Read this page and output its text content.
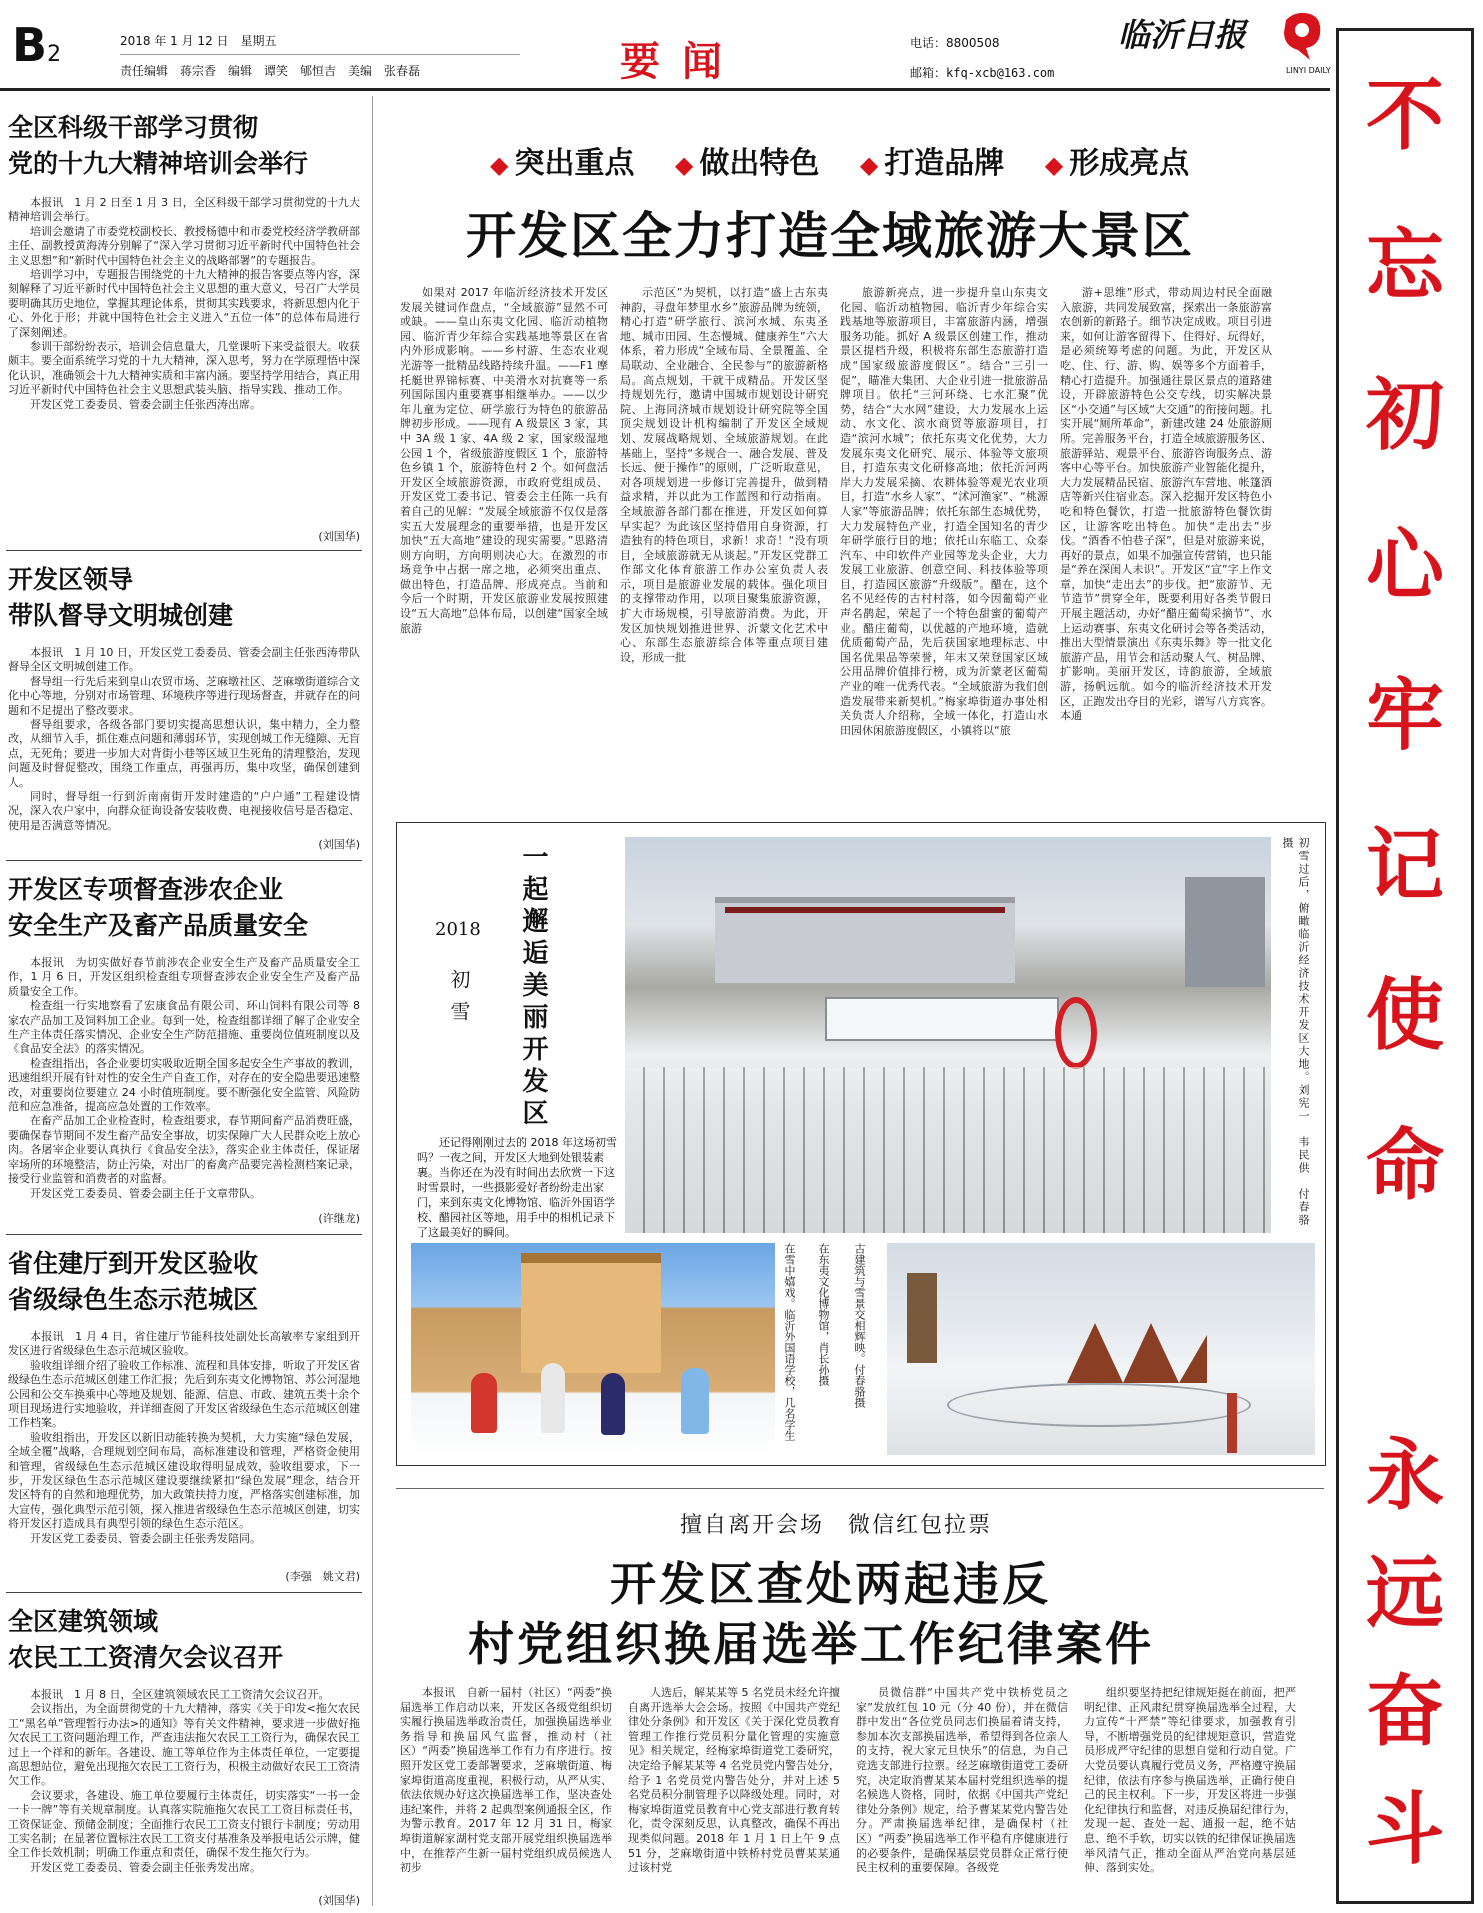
B2
2018 年 1 月 12 日　星期五
责任编辑　蒋宗香　编辑　谭笑　郇恒吉　美编　张春磊	要闻	电话：8800508
邮箱：kfq-xcb@163.com
临沂日报
LINYI DAILY 不
忘
初
心
牢
记
使
命
永
远
奋
斗
全区科级干部学习贯彻
党的十九大精神培训会举行
本报讯　1 月 2 日至 1 月 3 日，全区科级干部学习贯彻党的十九大精神培训会举行。
培训会邀请了市委党校副校长、教授杨德中和市委党校经济学教研部主任、副教授黄海涛分别解了“深入学习贯彻习近平新时代中国特色社会主义思想”和“新时代中国特色社会主义的战略部署”的专题报告。
培训学习中，专题报告围绕党的十九大精神的报告客要点等内容，深刻解释了习近平新时代中国特色社会主义思想的重大意义，号召广大学员要明确其历史地位，掌握其理论体系，贯彻其实践要求，将新思想内化于心、外化于形；并就中国特色社会主义进入“五位一体”的总体布局进行了深刻阐述。
参训干部纷纷表示，培训会信息量大，几堂课听下来受益很大。收获颇丰。要全面系统学习党的十九大精神，深入思考，努力在学原理悟中深化认识，准确领会十九大精神实质和丰富内涵。要坚持学用结合，真正用习近平新时代中国特色社会主义思想武装头脑、指导实践、推动工作。
开发区党工委委员、管委会副主任张西涛出席。
(刘国华)
开发区领导
带队督导文明城创建
本报讯　1 月 10 日，开发区党工委委员、管委会副主任张西涛带队督导全区文明城创建工作。
督导组一行先后来到皇山农贸市场、芝麻墩社区、芝麻墩街道综合文化中心等地，分别对市场管理、环境秩序等进行现场督查，并就存在的问题和不足提出了整改要求。
督导组要求，各级各部门要切实提高思想认识，集中精力，全力整改，从细节入手，抓住难点问题和薄弱环节，实现创城工作无缝隙、无盲点，无死角；要进一步加大对背街小巷等区域卫生死角的清理整治，发现问题及时督促整改，围绕工作重点，再强再历，集中攻坚，确保创建到人。
同时，督导组一行到沂南南街开发时建造的“户户通”工程建设情况，深入农户家中，向群众征询设备安装收费、电视接收信号是否稳定、使用是否满意等情况。
(刘国华)
开发区专项督查涉农企业
安全生产及畜产品质量安全
本报讯　为切实做好春节前涉农企业安全生产及畜产品质量安全工作，1 月 6 日，开发区组织检查组专项督查涉农企业安全生产及畜产品质量安全工作。
检查组一行实地察看了宏康食品有限公司、环山饲料有限公司等 8 家农产品加工及饲料加工企业。每到一处，检查组都详细了解了企业安全生产主体责任落实情况、企业安全生产防范措施、重要岗位值班制度以及《食品安全法》的落实情况。
检查组指出，各企业要切实吸取近期全国多起安全生产事故的教训，迅速组织开展有针对性的安全生产自查工作，对存在的安全隐患要迅速整改，对重要岗位要建立 24 小时值班制度。要不断强化安全监管、风险防范和应急准备，提高应急处置的工作效率。
在畜产品加工企业检查时，检查组要求，春节期间畜产品消费旺盛，要确保春节期间不发生畜产品安全事故，切实保障广大人民群众吃上放心肉。各屠宰企业要认真执行《食品安全法》，落实企业主体责任，保证屠宰场所的环境整洁，防止污染，对出厂的畜禽产品要完善检测档案记录，接受行业监管和消费者的对监督。
开发区党工委委员、管委会副主任于文章带队。
(许继龙)
省住建厅到开发区验收
省级绿色生态示范城区
本报讯　1 月 4 日，省住建厅节能科技处副处长高敏率专家组到开发区进行省级绿色生态示范城区验收。
验收组详细介绍了验收工作标准、流程和具体安排，听取了开发区省级绿色生态示范城区创建工作汇报；先后到东夷文化博物馆、苏公河湿地公园和公交车换乘中心等地及规划、能源、信息、市政、建筑五类十余个项目现场进行实地验收，并详细查阅了开发区省级绿色生态示范城区创建工作档案。
验收组指出，开发区以新旧动能转换为契机，大力实施“绿色发展，全域全覆”战略，合理规划空间布局，高标准建设和管理，严格资金使用和管理，省级绿色生态示范城区建设取得明显成效，验收组要求，下一步，开发区绿色生态示范城区建设要继续紧扣“绿色发展”理念，结合开发区特有的自然和地理优势，加大政策扶持力度，严格落实创建标准，加大宣传，强化典型示范引领，探入推进省级绿色生态示范城区创建，切实将开发区打造成具有典型引领的绿色生态示范区。
开发区党工委委员、管委会副主任张秀发陪同。
(李强　姚文君)
全区建筑领域
农民工工资清欠会议召开
本报讯　1 月 8 日，全区建筑领域农民工工资清欠会议召开。
会议指出，为全面贯彻党的十九大精神，落实《关于印发<拖欠农民工“黑名单”管理暂行办法>的通知》等有关文件精神，要求进一步做好拖欠农民工工资问题治理工作，严查违法拖欠农民工工资行为，确保农民工过上一个祥和的新年。各建设、施工等单位作为主体责任单位，一定要提高思想站位，避免出现拖欠农民工工资行为，积极主动做好农民工工资清欠工作。
会议要求，各建设、施工单位要履行主体责任，切实落实“一书一金一卡一牌”等有关规章制度。认真落实院施拖欠农民工工资目标责任书，工资保证金、预储金制度；全面推行农民工工资支付银行卡制度；劳动用工实名制；在显著位置标注农民工工资支付基准条及举报电话公示牌，健全工作长效机制；明确工作重点和责任，确保不发生拖欠行为。
开发区党工委委员、管委会副主任张秀发出席。
(刘国华)
◆ 突出重点 ◆ 做出特色 ◆ 打造品牌 ◆ 形成亮点
开发区全力打造全域旅游大景区
如果对 2017 年临沂经济技术开发区发展关键词作盘点，“全域旅游”显然不可或缺。——皇山东夷文化园、临沂动植物园、临沂青少年综合实践基地等景区在省内外形成影响。——乡村游、生态农业观光游等一批精品线路持续升温。——F1 摩托艇世界锦标赛、中美滑水对抗赛等一系列国际国内重要赛事相继举办。——以少年儿童为定位、研学旅行为特色的旅游品牌初步形成。——现有 A 级景区 3 家，其中 3A 级 1 家、4A 级 2 家，国家级湿地公园 1 个，省级旅游度假区 1 个，旅游特色乡镇 1 个，旅游特色村 2 个。如何盘活开发区全域旅游资源，市政府党组成员、开发区党工委书记、管委会主任陈一兵有着自己的见解：“发展全域旅游不仅仅是落实五大发展理念的重要举措，也是开发区加快“五大高地”建设的现实需要。”思路清则方向明，方向明则决心大。在激烈的市场竞争中占据一席之地，必须突出重点、做出特色，打造品牌、形成亮点。当前和今后一个时期，开发区旅游业发展按照建设“五大高地”总体布局，以创建“国家全域旅游
示范区”为契机，以打造“盛上古东夷神韵，寻盘年梦里水乡”旅游品牌为统领，精心打造“研学旅行、滨河水城、东夷圣地、城市田园、生态慢城、健康养生”六大体系，着力形成“全域布局、全景覆盖、全局联动、全业融合、全民参与”的旅游新格局。高点规划，干就干成精品。开发区坚持规划先行，邀请中国城市规划设计研究院、上海同济城市规划设计研究院等全国顶尖规划设计机构编制了开发区全域规划、发展战略规划、全域旅游规划。在此基础上，坚持“多规合一、融合发展、普及长远、便于操作”的原则，广泛听取意见，对各项规划进一步修订完善提升，做到精益求精，并以此为工作蓝图和行动指南。全域旅游各部门都在推进，开发区如何算早实起？为此该区坚持借用自身资源，打造独有的特色项目，求新！求奇！“没有项目，全域旅游就无从谈起。”开发区党群工作部文化体育旅游工作办公室负责人表示，项目是旅游业发展的载体。强化项目的支撑带动作用，以项目聚集旅游资源，扩大市场规模，引导旅游消费。为此，开发区加快规划推进世界、沂蒙文化艺术中心、东部生态旅游综合体等重点项目建设，形成一批
旅游新亮点，进一步提升皇山东夷文化园、临沂动植物园、临沂青少年综合实践基地等旅游项目，丰富旅游内涵，增强服务功能。抓好 A 级景区创建工作，推动景区提档升级，积极将东部生态旅游打造成“国家级旅游度假区”。结合“三引一促”，瞄准大集团、大企业引进一批旅游品牌项目。依托“三河环绕、七水汇聚”优势，结合“大水网”建设，大力发展水上运动、水文化、滨水商贸等旅游项目，打造“滨河水城”；依托东夷文化优势，大力发展东夷文化研究、展示、体验等文旅项目，打造东夷文化研修高地；依托沂河两岸大力发展采摘、农耕体验等观光农业项目，打造“水乡人家”、“沭河渔家”、“桃源人家”等旅游品牌；依托东部生态城优势，大力发展特色产业，打造全国知名的青少年研学旅行目的地；依托山东临工、众泰汽车、中印软件产业园等龙头企业，大力发展工业旅游、创意空间、科技体验等项目，打造园区旅游“升级版”。醋在，这个名不见经传的古村村落，如今因葡萄产业声名鹊起，荣起了一个特色甜蜜的葡萄产业。醋庄葡萄，以优越的产地环境，造就优质葡萄产品，先后获国家地理标志、中国名优果品等荣誉，年末又荣登国家区域公用品牌价值排行榜，成为沂蒙老区葡萄产业的唯一优秀代表。“全域旅游为我们创造发展带来新契机。”梅家埠街道办事处相关负责人介绍称，全域一体化，打造山水田园休闲旅游度假区，小镇将以“旅
游+思维”形式，带动周边村民全面融入旅游，共同发展致富，探索出一条旅游富农创新的新路子。细节决定成败。项目引进来，如何让游客留得下、住得好、玩得好，是必须统筹考虑的问题。为此，开发区从吃、住、行、游、购、娱等多个方面着手，精心打造提升。加强通往景区景点的道路建设，开辟旅游特色公交专线，切实解决景区“小交通”与区域“大交通”的衔接问题。扎实开展“厕所革命”，新建改建 24 处旅游厕所。完善服务平台，打造全域旅游服务区、旅游驿站、观景平台、旅游咨询服务点、游客中心等平台。加快旅游产业智能化提升，大力发展精品民宿、旅游汽车营地、帐篷酒店等新兴住宿业态。深入挖掘开发区特色小吃和特色餐饮，打造一批旅游特色餐饮街区，让游客吃出特色。加快“走出去”步伐。“酒香不怕巷子深”，但是对旅游来说，再好的景点，如果不加强宣传营销，也只能是“养在深闺人未识”。开发区“宣”字上作文章，加快“走出去”的步伐。把“旅游节、无节造节”贯穿全年，既要利用好各类节假日开展主题活动，办好“醋庄葡萄采摘节”、水上运动赛事、东夷文化研讨会等各类活动，推出大型情景演出《东夷乐舞》等一批文化旅游产品，用节会和活动聚人气、树品牌、扩影响。美丽开发区，诗韵旅游，全域旅游，扬帆远航。如今的临沂经济技术开发区，正跑发出夺目的光彩，谱写八方宾客。本通
一起邂逅美丽开发区
2018
初雪
还记得刚刚过去的 2018 年这场初雪吗？一夜之间，开发区大地到处银装素裹。当你还在为没有时间出去欣赏一下这时雪景时，一些摄影爱好者纷纷走出家门，来到东夷文化博物馆、临沂外国语学校、醋园社区等地，用手中的相机记录下了这最美好的瞬间。
初雪过后，俯瞰临沂经济技术开发区大地。刘宪一　韦民供　付春骆摄
在雪中嬉戏。临沂外国语学校，几名学生 在东夷文化博物馆，肖长孙摄 古建筑与雪景交相辉映。付春骆摄
擅自离开会场　微信红包拉票
开发区查处两起违反
村党组织换届选举工作纪律案件
本报讯　自新一届村（社区）“两委”换届选举工作启动以来，开发区各级党组织切实履行换届选举政治责任，加强换届选举业务指导和换届风气监督，推动村（社区）“两委”换届选举工作有力有序进行。按照开发区党工委部署要求，芝麻墩街道、梅家埠街道高度重视，积极行动，从严从实、依法依规办好这次换届选举工作，坚决查处违纪案件，并将 2 起典型案例通报全区，作为警示教育。2017 年 12 月 31 日，梅家埠街道解家湖村党支部开展党组织换届选举中，在推荐产生新一届村党组织成员候选人初步
人选后，解某某等 5 名党员未经允许擅自离开选举大会会场。按照《中国共产党纪律处分条例》和开发区《关于深化党员教育管理工作推行党员积分量化管理的实施意见》相关规定，经梅家埠街道党工委研究，决定给予解某某等 4 名党员党内警告处分，给予 1 名党员党内警告处分，并对上述 5 名党员积分制管理予以降级处理。同时，对梅家埠街道党员教育中心党支部进行教育转化，责令深刻反思，认真整改，确保不再出现类似问题。2018 年 1 月 1 日上午 9 点 51 分，芝麻墩街道中铁桥村党员曹某某通过该村党
员微信群“中国共产党中铁桥党员之家”发放红包 10 元（分 40 份），并在微信群中发出“各位党员同志们换届着请支持，参加本次支部换届选举，希望得到各位亲人的支持，祝大家元旦快乐”的信息，为自己竞选支部进行拉票。经芝麻墩街道党工委研究，决定取消曹某某本届村党组织选举的提名候选人资格，同时，依据《中国共产党纪律处分条例》规定，给予曹某某党内警告处分。严肃换届选举纪律，是确保村（社区）“两委”换届选举工作平稳有序健康进行的必要条件，是确保基层党员群众正常行使民主权利的重要保障。各级党
组织要坚持把纪律规矩挺在前面，把严明纪律、正风肃纪贯穿换届选举全过程，大力宣传“十严禁”等纪律要求，加强教育引导，不断增强党员的纪律规矩意识，营造党员形成严守纪律的思想自觉和行动自觉。广大党员要认真履行党员义务，严格遵守换届纪律，依法有序参与换届选举，正确行使自己的民主权利。下一步，开发区将进一步强化纪律执行和监督，对违反换届纪律行为，发现一起、查处一起、通报一起，绝不姑息、绝不手软，切实以铁的纪律保证换届选举风清气正，推动全面从严治党向基层延伸、落到实处。
